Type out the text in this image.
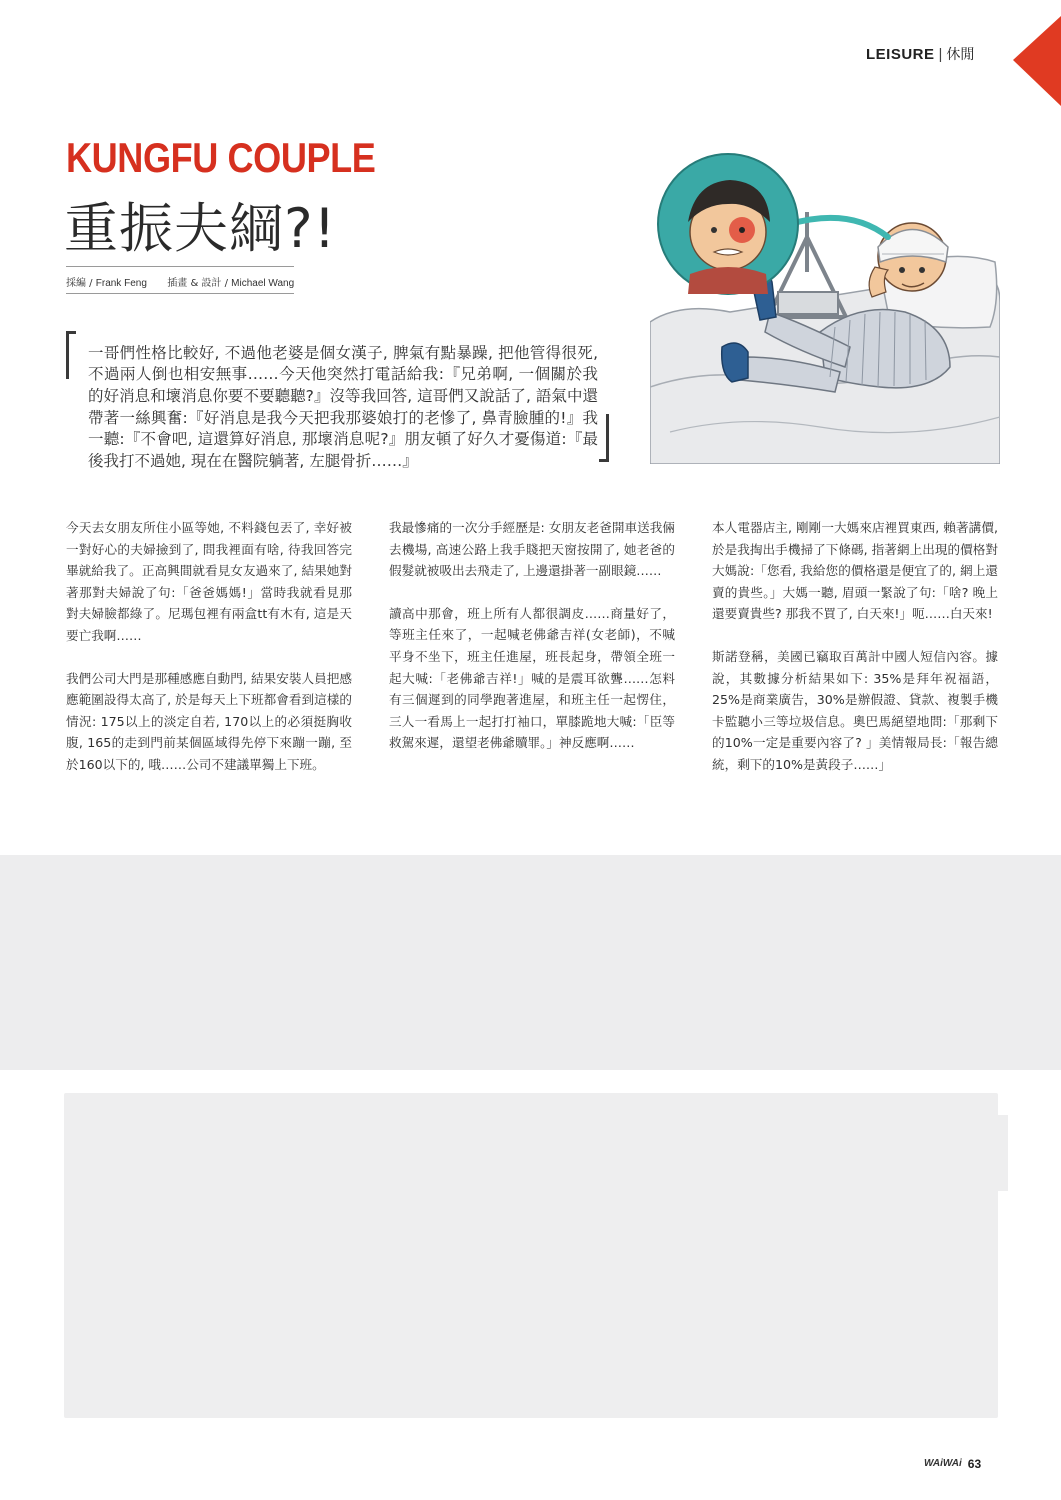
LEISURE | 休閒
KUNGFU COUPLE
重振夫綱?!
採編 / Frank Feng 插畫 & 設計 / Michael Wang

一哥們性格比較好, 不過他老婆是個女漢子, 脾氣有點暴躁, 把他管得很死, 不過兩人倒也相安無事……今天他突然打電話給我:『兄弟啊, 一個關於我的好消息和壞消息你要不要聽聽?』沒等我回答, 這哥們又說話了, 語氣中還帶著一絲興奮:『好消息是我今天把我那婆娘打的老慘了, 鼻青臉腫的!』我一聽:『不會吧, 這還算好消息, 那壞消息呢?』朋友頓了好久才憂傷道:『最後我打不過她, 現在在醫院躺著, 左腿骨折……』

今天去女朋友所住小區等她, 不料錢包丟了, 幸好被一對好心的夫婦撿到了, 問我裡面有啥, 待我回答完畢就給我了。正高興間就看見女友過來了, 結果她對著那對夫婦說了句:「爸爸媽媽!」當時我就看見那對夫婦臉都綠了。尼瑪包裡有兩盒tt有木有, 這是天要亡我啊……

我們公司大門是那種感應自動門, 結果安裝人員把感應範圍設得太高了, 於是每天上下班都會看到這樣的情況: 175以上的淡定自若, 170以上的必須挺胸收腹, 165的走到門前某個區域得先停下來蹦一蹦, 至於160以下的, 哦……公司不建議單獨上下班。

我最慘痛的一次分手經歷是: 女朋友老爸開車送我倆去機場, 高速公路上我手賤把天窗按開了, 她老爸的假髮就被吸出去飛走了, 上邊還掛著一副眼鏡……

讀高中那會，班上所有人都很調皮……商量好了，等班主任來了，一起喊老佛爺吉祥(女老師)，不喊平身不坐下，班主任進屋，班長起身，帶領全班一起大喊:「老佛爺吉祥!」喊的是震耳欲聾……怎料有三個遲到的同學跑著進屋，和班主任一起愣住，三人一看馬上一起打打袖口，單膝跪地大喊:「臣等救駕來遲，還望老佛爺贖罪。」神反應啊……

本人電器店主, 剛剛一大媽來店裡買東西, 賴著講價, 於是我掏出手機掃了下條碼, 指著網上出現的價格對大媽說:「您看, 我給您的價格還是便宜了的, 網上還賣的貴些。」大媽一聽, 眉頭一緊說了句:「啥? 晚上還要賣貴些? 那我不買了, 白天來!」呃……白天來!

斯諾登稱，美國已竊取百萬計中國人短信內容。據說，其數據分析結果如下: 35%是拜年祝福語，25%是商業廣告，30%是辦假證、貸款、複製手機卡監聽小三等垃圾信息。奧巴馬絕望地問:「那剩下的10%一定是重要內容了? 」美情報局長:「報告總統，剩下的10%是黃段子……」

WAiWAi 63
